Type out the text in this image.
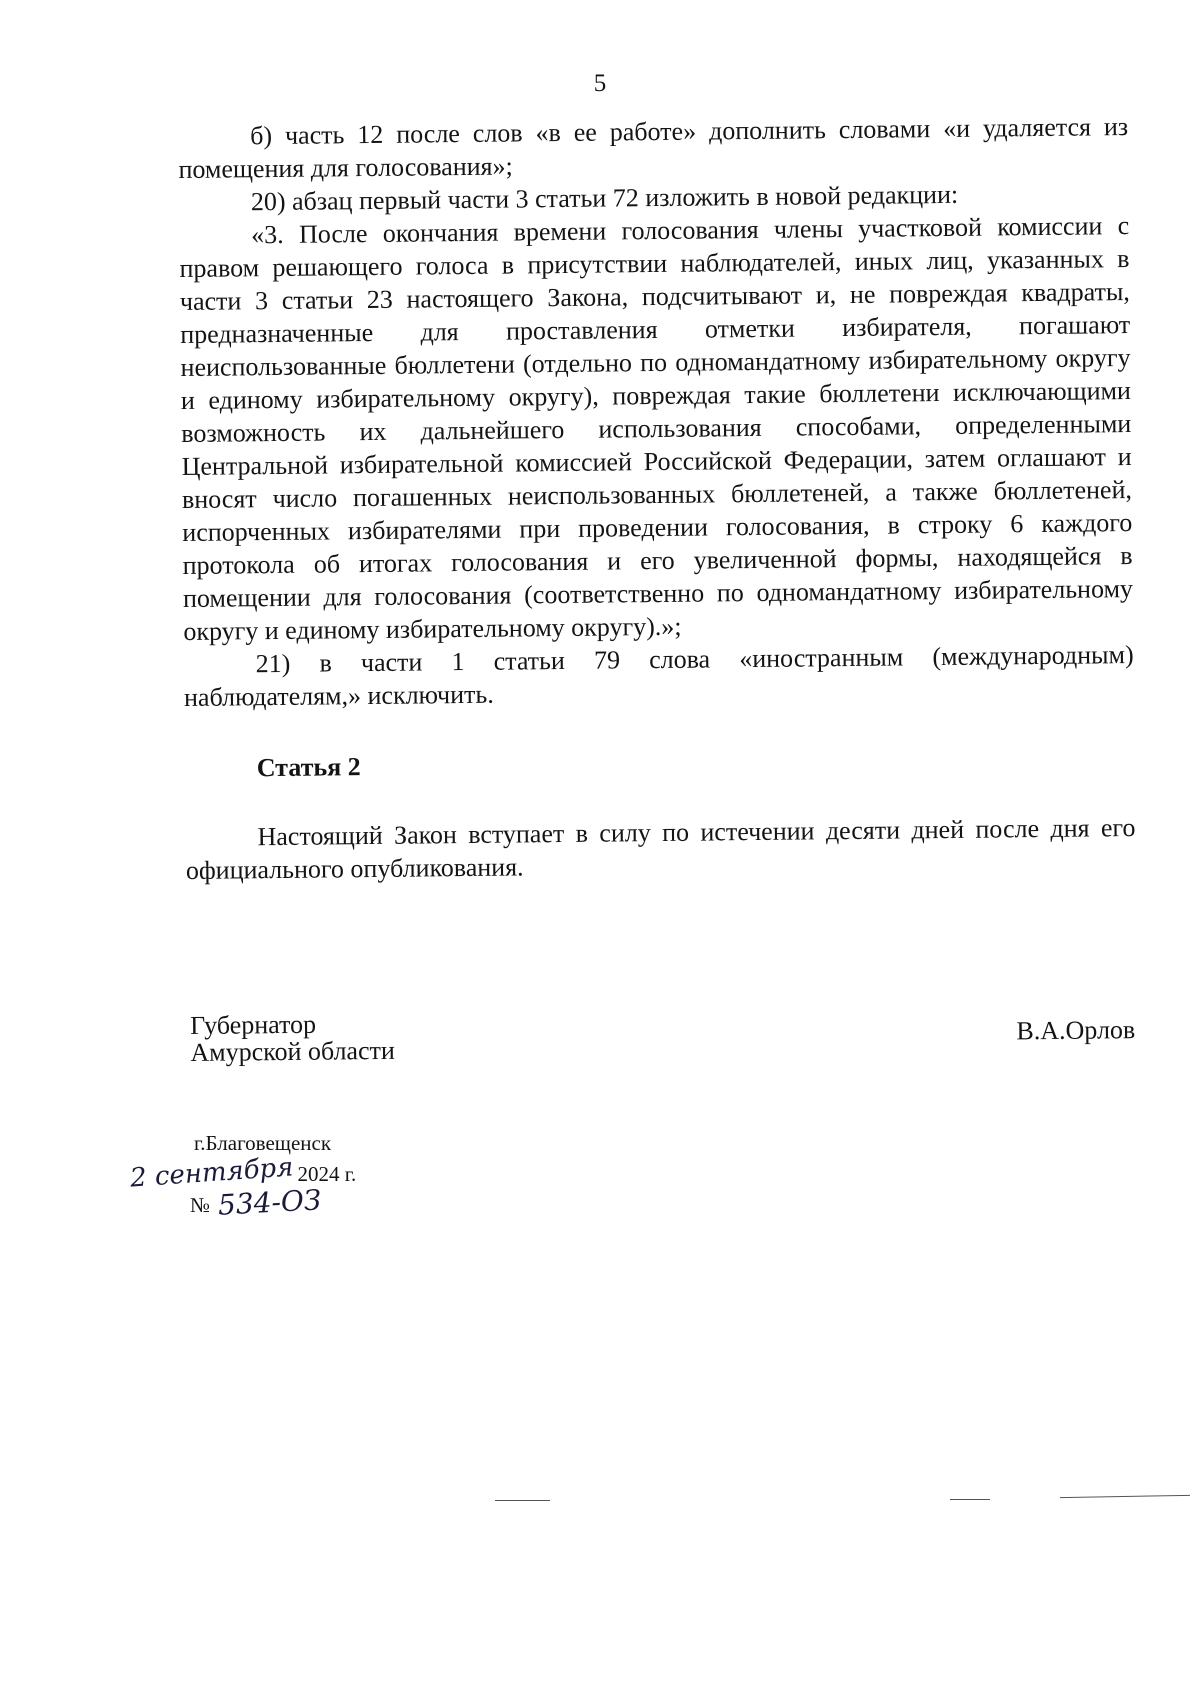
5

б) часть 12 после слов «в ее работе» дополнить словами «и удаляется из помещения для голосования»;

20) абзац первый части 3 статьи 72 изложить в новой редакции:

«3. После окончания времени голосования члены участковой комиссии с правом решающего голоса в присутствии наблюдателей, иных лиц, указанных в части 3 статьи 23 настоящего Закона, подсчитывают и, не повреждая квадраты, предназначенные для проставления отметки избирателя, погашают неиспользованные бюллетени (отдельно по одномандатному избирательному округу и единому избирательному округу), повреждая такие бюллетени исключающими возможность их дальнейшего использования способами, определенными Центральной избирательной комиссией Российской Федерации, затем оглашают и вносят число погашенных неиспользованных бюллетеней, а также бюллетеней, испорченных избирателями при проведении голосования, в строку 6 каждого протокола об итогах голосования и его увеличенной формы, находящейся в помещении для голосования (соответственно по одномандатному избирательному округу и единому избирательному округу).»;

21) в части 1 статьи 79 слова «иностранным (международным) наблюдателям,» исключить.

Статья 2

Настоящий Закон вступает в силу по истечении десяти дней после дня его официального опубликования.

Губернатор
Амурской области
В.А.Орлов
г.Благовещенск
2 сентября 2024 г.
№ 534-ОЗ
